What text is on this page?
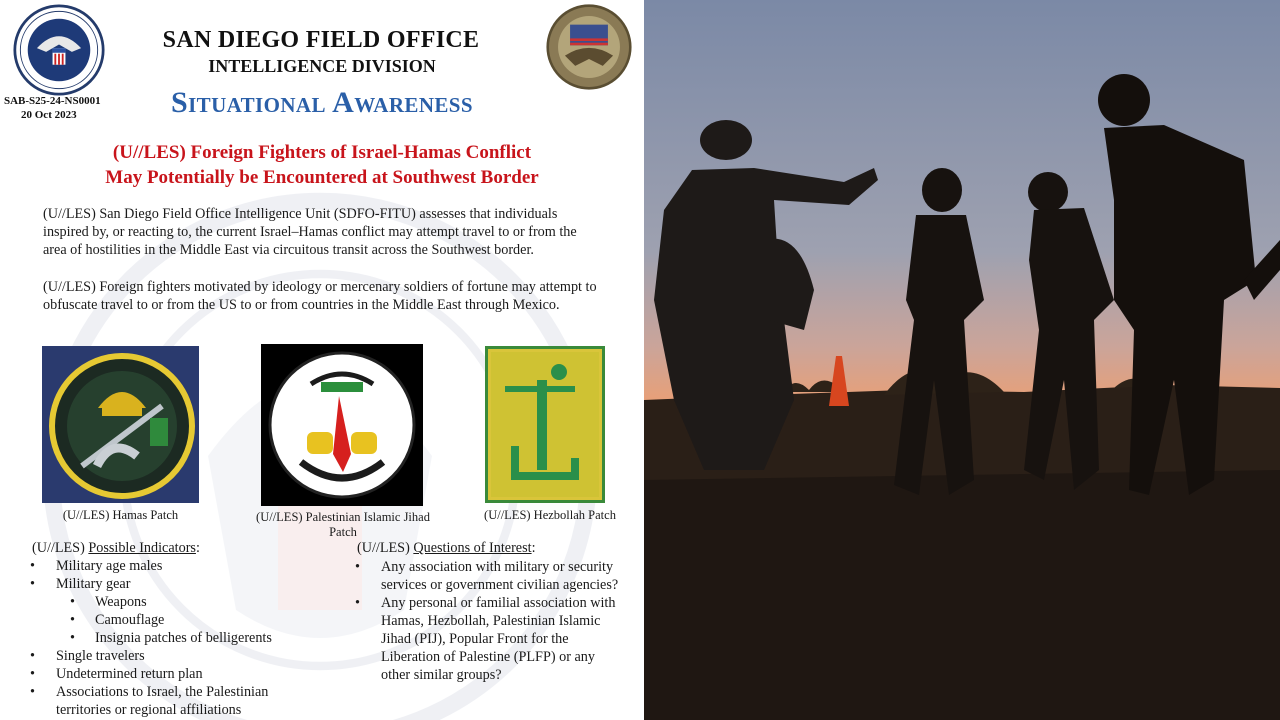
SAN DIEGO FIELD OFFICE
INTELLIGENCE DIVISION
Situational Awareness
SAB-S25-24-NS0001
20 Oct 2023
(U//LES) Foreign Fighters of Israel-Hamas Conflict
May Potentially be Encountered at Southwest Border
(U//LES) San Diego Field Office Intelligence Unit (SDFO-FITU) assesses that individuals inspired by, or reacting to, the current Israel–Hamas conflict may attempt travel to or from the area of hostilities in the Middle East via circuitous transit across the Southwest border.
(U//LES) Foreign fighters motivated by ideology or mercenary soldiers of fortune may attempt to obfuscate travel to or from the US to or from countries in the Middle East through Mexico.
(U//LES) Hamas Patch	(U//LES) Palestinian Islamic Jihad Patch
(U//LES) Hezbollah Patch
(U//LES) Possible Indicators:	(U//LES) Questions of Interest:
• Military age males
• Military gear
• Weapons
• Camouflage
• Insignia patches of belligerents
• Single travelers
• Undetermined return plan
• Associations to Israel, the Palestinian territories or regional affiliations
• Any association with military or security services or government civilian agencies?
• Any personal or familial association with Hamas, Hezbollah, Palestinian Islamic Jihad (PIJ), Popular Front for the Liberation of Palestine (PLFP) or any other similar groups?
